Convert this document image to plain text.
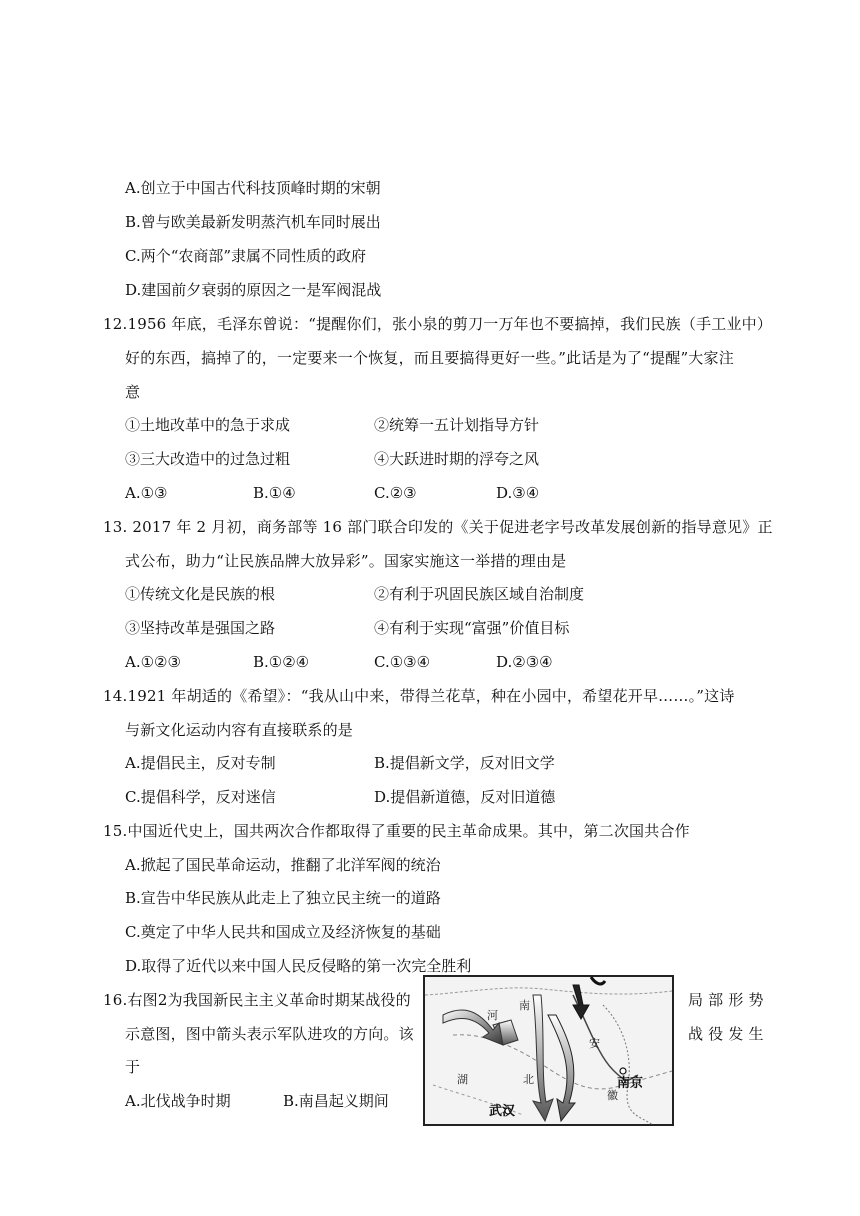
A.创立于中国古代科技顶峰时期的宋朝
B.曾与欧美最新发明蒸汽机车同时展出
C.两个“农商部”隶属不同性质的政府
D.建国前夕衰弱的原因之一是军阀混战
12.1956 年底，毛泽东曾说：“提醒你们，张小泉的剪刀一万年也不要搞掉，我们民族（手工业中）
好的东西，搞掉了的，一定要来一个恢复，而且要搞得更好一些。”此话是为了“提醒”大家注
意
①土地改革中的急于求成	②统筹一五计划指导方针
③三大改造中的过急过粗	④大跃进时期的浮夸之风
A.①③	B.①④	C.②③	D.③④
13. 2017 年 2 月初，商务部等 16 部门联合印发的《关于促进老字号改革发展创新的指导意见》正
式公布，助力“让民族品牌大放异彩”。国家实施这一举措的理由是
①传统文化是民族的根	②有利于巩固民族区域自治制度
③坚持改革是强国之路	④有利于实现“富强”价值目标
A.①②③	B.①②④	C.①③④	D.②③④
14.1921 年胡适的《希望》：“我从山中来，带得兰花草，种在小园中，希望花开早……。”这诗
与新文化运动内容有直接联系的是
A.提倡民主，反对专制	B.提倡新文学，反对旧文学
C.提倡科学，反对迷信	D.提倡新道德，反对旧道德
15.中国近代史上，国共两次合作都取得了重要的民主革命成果。其中，第二次国共合作
A.掀起了国民革命运动，推翻了北洋军阀的统治
B.宣告中华民族从此走上了独立民主统一的道路
C.奠定了中华人民共和国成立及经济恢复的基础
D.取得了近代以来中国人民反侵略的第一次完全胜利
16.右图2为我国新民主主义革命时期某战役的
示意图，图中箭头表示军队进攻的方向。该
于
局 部 形 势
战 役 发 生
A.北伐战争时期	B.南昌起义期间
河
南
安
湖	北
徽
南京
武汉
